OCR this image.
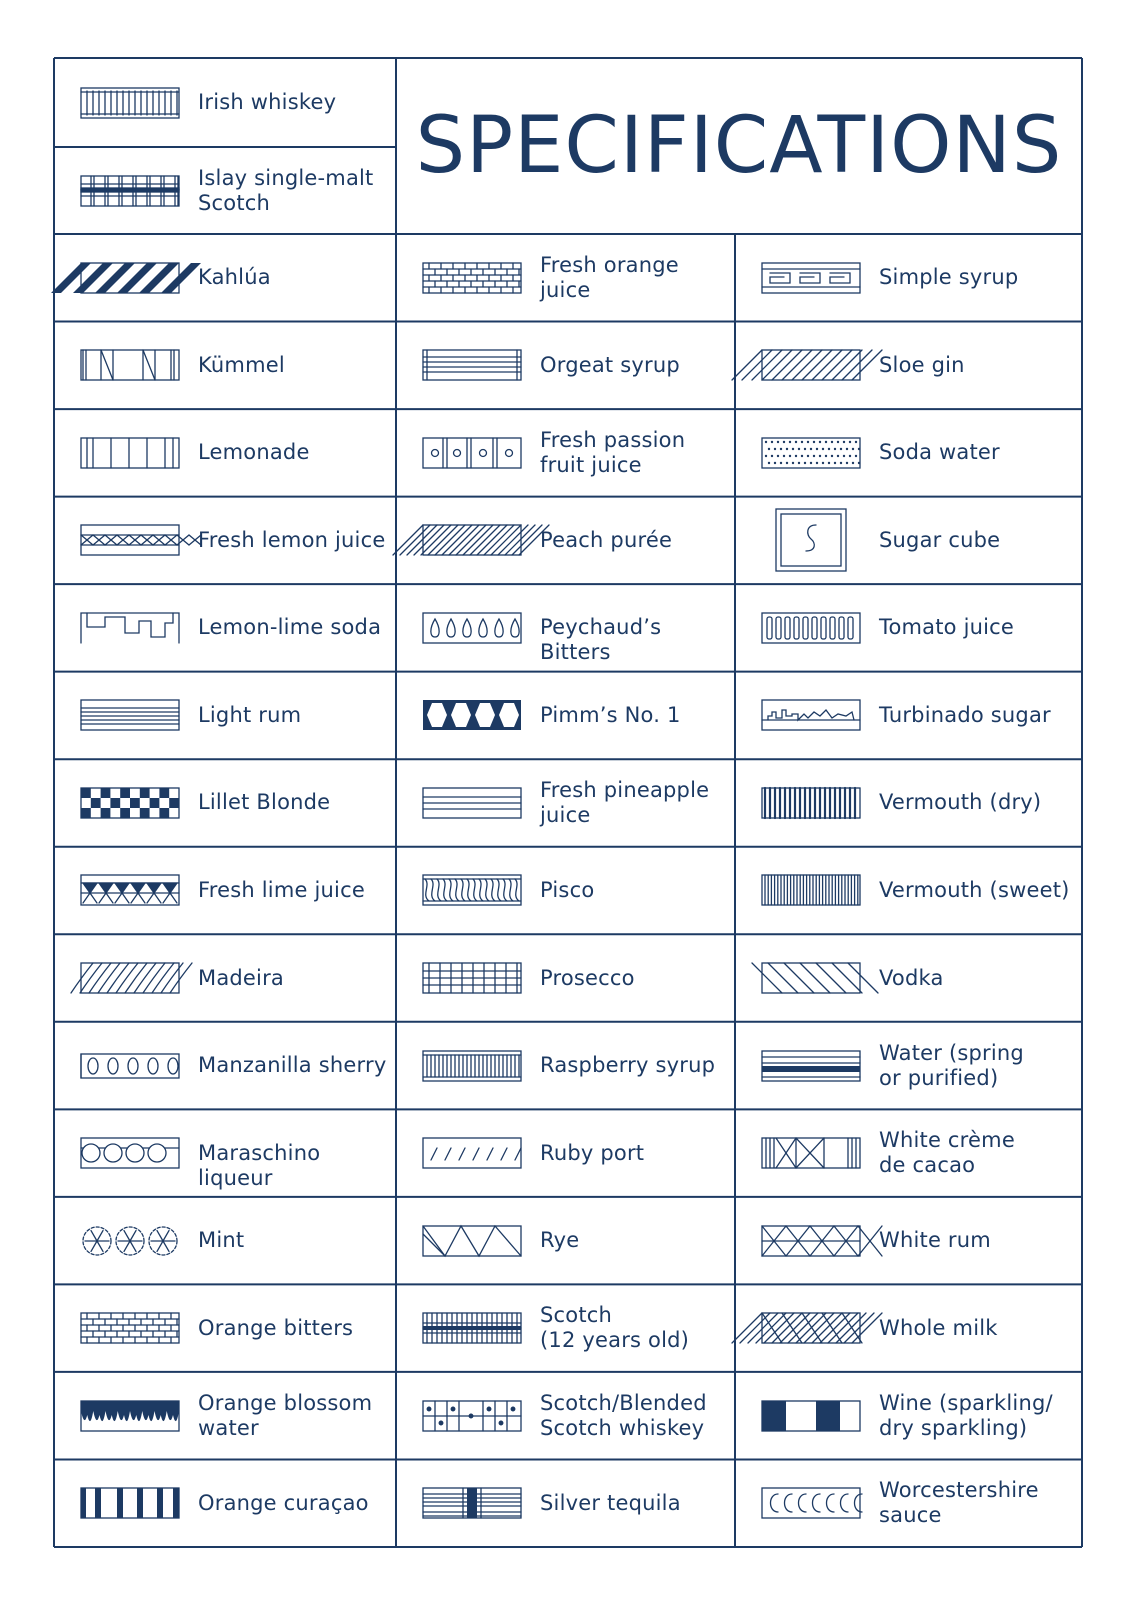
SPECIFICATIONS
Irish whiskey
Islay single-malt
Scotch
Kahlúa
Kümmel
Lemonade
Fresh lemon juice
Lemon-lime soda
Light rum
Lillet Blonde
Fresh lime juice
Madeira
Manzanilla sherry
Maraschino liqueur
Mint
Orange bitters
Orange blossom
water
Orange curaçao
Fresh orange
juice
Orgeat syrup
Fresh passion
fruit juice
Peach purée
Peychaud’s Bitters
Pimm’s No. 1
Fresh pineapple
juice
Pisco
Prosecco
Raspberry syrup
Ruby port
Rye
Scotch
(12 years old)
Scotch/Blended
Scotch whiskey
Silver tequila
Simple syrup
Sloe gin
Soda water
Sugar cube
Tomato juice
Turbinado sugar
Vermouth (dry)
Vermouth (sweet)
Vodka
Water (spring
or purified)
White crème
de cacao
White rum
Whole milk
Wine (sparkling/
dry sparkling)
Worcestershire
sauce
